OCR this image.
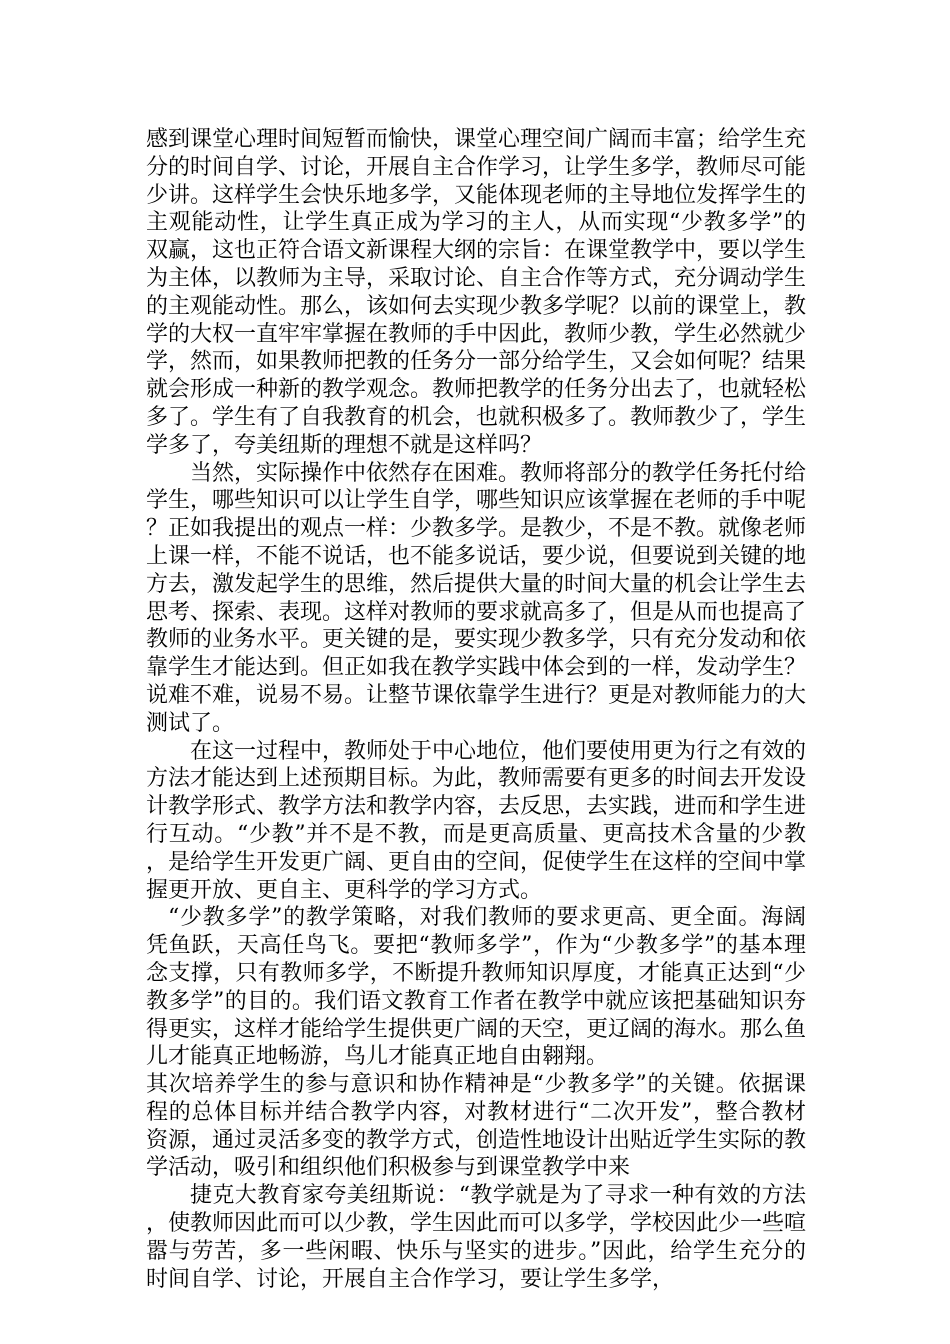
感到课堂心理时间短暂而愉快，课堂心理空间广阔而丰富；给学生充分的时间自学、讨论，开展自主合作学习，让学生多学，教师尽可能少讲。这样学生会快乐地多学，又能体现老师的主导地位发挥学生的主观能动性，让学生真正成为学习的主人，从而实现“少教多学”的双赢，这也正符合语文新课程大纲的宗旨：在课堂教学中，要以学生为主体，以教师为主导，采取讨论、自主合作等方式，充分调动学生的主观能动性。那么，该如何去实现少教多学呢？以前的课堂上，教学的大权一直牢牢掌握在教师的手中因此，教师少教，学生必然就少学，然而，如果教师把教的任务分一部分给学生，又会如何呢？结果就会形成一种新的教学观念。教师把教学的任务分出去了，也就轻松多了。学生有了自我教育的机会，也就积极多了。教师教少了，学生学多了，夸美纽斯的理想不就是这样吗？

当然，实际操作中依然存在困难。教师将部分的教学任务托付给学生，哪些知识可以让学生自学，哪些知识应该掌握在老师的手中呢？正如我提出的观点一样：少教多学。是教少，不是不教。就像老师上课一样，不能不说话，也不能多说话，要少说，但要说到关键的地方去，激发起学生的思维，然后提供大量的时间大量的机会让学生去思考、探索、表现。这样对教师的要求就高多了，但是从而也提高了教师的业务水平。更关键的是，要实现少教多学，只有充分发动和依靠学生才能达到。但正如我在教学实践中体会到的一样，发动学生？说难不难，说易不易。让整节课依靠学生进行？更是对教师能力的大测试了。

在这一过程中，教师处于中心地位，他们要使用更为行之有效的方法才能达到上述预期目标。为此，教师需要有更多的时间去开发设计教学形式、教学方法和教学内容，去反思，去实践，进而和学生进行互动。“少教”并不是不教，而是更高质量、更高技术含量的少教，是给学生开发更广阔、更自由的空间，促使学生在这样的空间中掌握更开放、更自主、更科学的学习方式。

“少教多学”的教学策略，对我们教师的要求更高、更全面。海阔凭鱼跃，天高任鸟飞。要把“教师多学”，作为“少教多学”的基本理念支撑，只有教师多学，不断提升教师知识厚度，才能真正达到“少教多学”的目的。我们语文教育工作者在教学中就应该把基础知识夯得更实，这样才能给学生提供更广阔的天空，更辽阔的海水。那么鱼儿才能真正地畅游，鸟儿才能真正地自由翱翔。

其次培养学生的参与意识和协作精神是“少教多学”的关键。依据课程的总体目标并结合教学内容，对教材进行“二次开发”，整合教材资源，通过灵活多变的教学方式，创造性地设计出贴近学生实际的教学活动，吸引和组织他们积极参与到课堂教学中来

捷克大教育家夸美纽斯说：“教学就是为了寻求一种有效的方法，使教师因此而可以少教，学生因此而可以多学，学校因此少一些喧嚣与劳苦，多一些闲暇、快乐与坚实的进步。”因此，给学生充分的时间自学、讨论，开展自主合作学习，要让学生多学，
